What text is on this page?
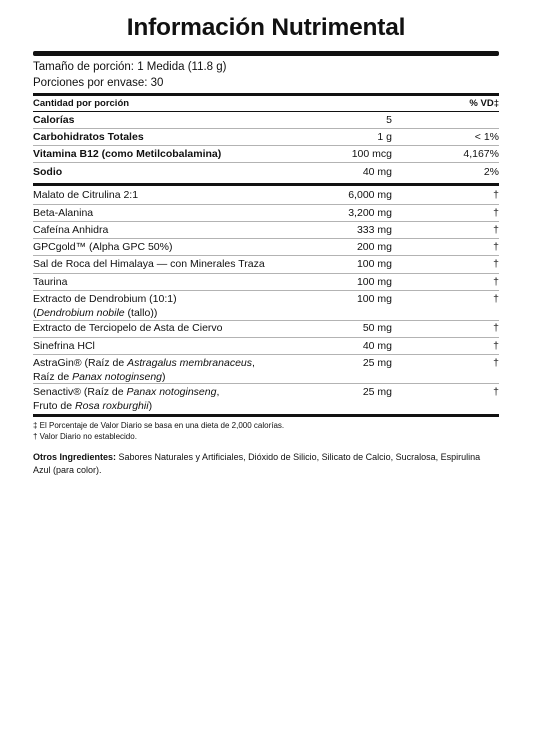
Información Nutrimental
Tamaño de porción: 1 Medida (11.8 g)
Porciones por envase: 30
Cantidad por porción	% VD‡
Calorías	5
Carbohidratos Totales	1 g	< 1%
Vitamina B12 (como Metilcobalamina)	100 mcg	4,167%
Sodio	40 mg	2%
Malato de Citrulina 2:1	6,000 mg	†
Beta-Alanina	3,200 mg	†
Cafeína Anhidra	333 mg	†
GPCgold™ (Alpha GPC 50%)	200 mg	†
Sal de Roca del Himalaya — con Minerales Traza	100 mg	†
Taurina	100 mg	†
Extracto de Dendrobium (10:1)
(Dendrobium nobile (tallo))
100 mg	†
Extracto de Terciopelo de Asta de Ciervo	50 mg	†
Sinefrina HCl	40 mg	†
AstraGin® (Raíz de Astragalus membranaceus,
Raíz de Panax notoginseng)
25 mg	†
Senactiv® (Raíz de Panax notoginseng,
Fruto de Rosa roxburghii)
25 mg	†
‡ El Porcentaje de Valor Diario se basa en una dieta de 2,000 calorías.
† Valor Diario no establecido.
Otros Ingredientes: Sabores Naturales y Artificiales, Dióxido de Silicio, Silicato de Calcio, Sucralosa, Espirulina Azul (para color).
